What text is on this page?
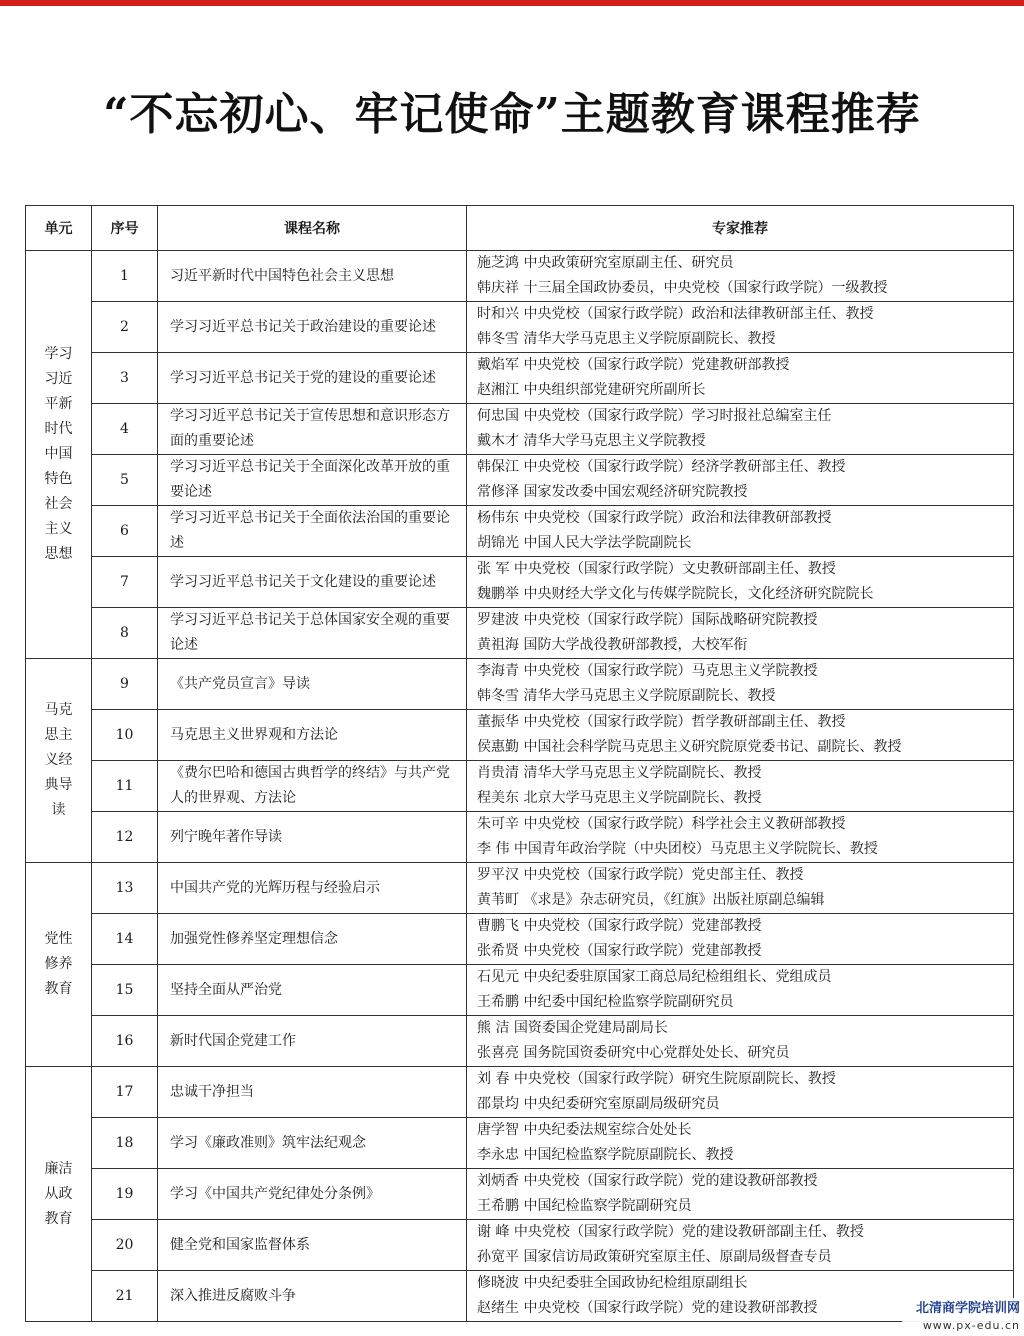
“不忘初心、牢记使命”主题教育课程推荐
单元	序号	课程名称	专家推荐
学习习近平新时代中国特色社会主义思想	1	习近平新时代中国特色社会主义思想	施芝鸿 中央政策研究室原副主任、研究员
韩庆祥 十三届全国政协委员，中央党校（国家行政学院）一级教授

	2	学习习近平总书记关于政治建设的重要论述	时和兴 中央党校（国家行政学院）政治和法律教研部主任、教授
韩冬雪 清华大学马克思主义学院原副院长、教授

	3	学习习近平总书记关于党的建设的重要论述	戴焰军 中央党校（国家行政学院）党建教研部教授
赵湘江 中央组织部党建研究所副所长

	4	学习习近平总书记关于宣传思想和意识形态方面的重要论述	何忠国 中央党校（国家行政学院）学习时报社总编室主任
戴木才 清华大学马克思主义学院教授

	5	学习习近平总书记关于全面深化改革开放的重要论述	韩保江 中央党校（国家行政学院）经济学教研部主任、教授
常修泽 国家发改委中国宏观经济研究院教授

	6	学习习近平总书记关于全面依法治国的重要论述	杨伟东 中央党校（国家行政学院）政治和法律教研部教授
胡锦光 中国人民大学法学院副院长

	7	学习习近平总书记关于文化建设的重要论述	张 军 中央党校（国家行政学院）文史教研部副主任、教授
魏鹏举 中央财经大学文化与传媒学院院长，文化经济研究院院长

	8	学习习近平总书记关于总体国家安全观的重要论述	罗建波 中央党校（国家行政学院）国际战略研究院教授
黄祖海 国防大学战役教研部教授，大校军衔

马克思主义经典导读	9	《共产党员宣言》导读	李海青 中央党校（国家行政学院）马克思主义学院教授
韩冬雪 清华大学马克思主义学院原副院长、教授

	10	马克思主义世界观和方法论	董振华 中央党校（国家行政学院）哲学教研部副主任、教授
侯惠勤 中国社会科学院马克思主义研究院原党委书记、副院长、教授

	11	《费尔巴哈和德国古典哲学的终结》与共产党人的世界观、方法论	肖贵清 清华大学马克思主义学院副院长、教授
程美东 北京大学马克思主义学院副院长、教授

	12	列宁晚年著作导读	朱可辛 中央党校（国家行政学院）科学社会主义教研部教授
李 伟 中国青年政治学院（中央团校）马克思主义学院院长、教授

党性修养教育	13	中国共产党的光辉历程与经验启示	罗平汉 中央党校（国家行政学院）党史部主任、教授
黄苇町 《求是》杂志研究员，《红旗》出版社原副总编辑

	14	加强党性修养坚定理想信念	曹鹏飞 中央党校（国家行政学院）党建部教授
张希贤 中央党校（国家行政学院）党建部教授

	15	坚持全面从严治党	石见元 中央纪委驻原国家工商总局纪检组组长、党组成员
王希鹏 中纪委中国纪检监察学院副研究员

	16	新时代国企党建工作	熊 洁 国资委国企党建局副局长
张喜亮 国务院国资委研究中心党群处处长、研究员

廉洁从政教育	17	忠诚干净担当	刘 春 中央党校（国家行政学院）研究生院原副院长、教授
邵景均 中央纪委研究室原副局级研究员

	18	学习《廉政准则》筑牢法纪观念	唐学智 中央纪委法规室综合处处长
李永忠 中国纪检监察学院原副院长、教授

	19	学习《中国共产党纪律处分条例》	刘炳香 中央党校（国家行政学院）党的建设教研部教授
王希鹏 中国纪检监察学院副研究员

	20	健全党和国家监督体系	谢 峰 中央党校（国家行政学院）党的建设教研部副主任、教授
孙宽平 国家信访局政策研究室原主任、原副局级督查专员

	21	深入推进反腐败斗争	修晓波 中央纪委驻全国政协纪检组原副组长
赵绪生 中央党校（国家行政学院）党的建设教研部教授	北清商学院培训网
www.px-edu.cn
